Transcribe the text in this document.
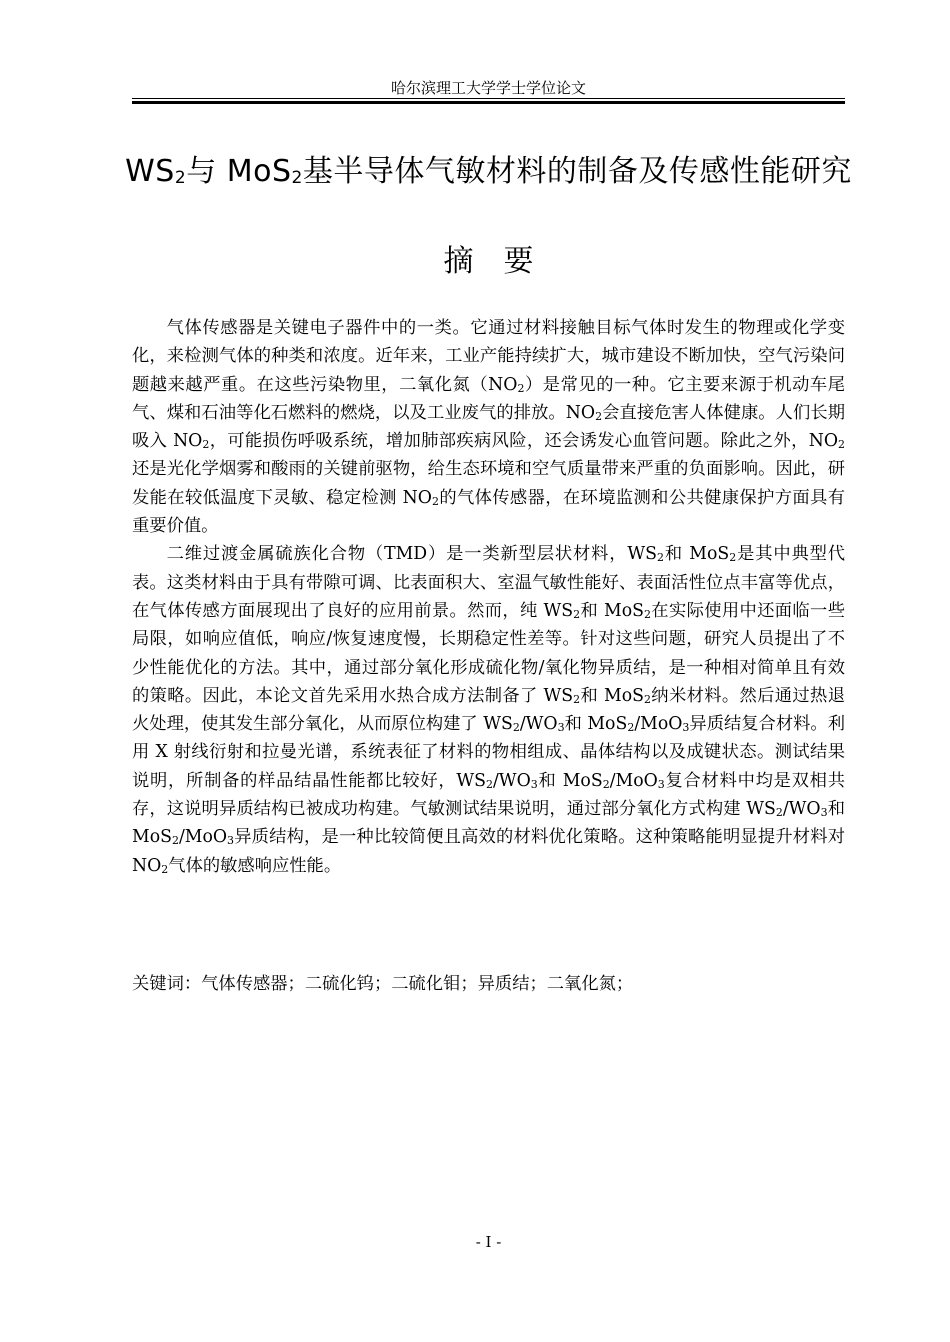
哈尔滨理工大学学士学位论文
$WS_2$与 MoS$_2$基半导体气敏材料的制备及传感性能研究
摘　要

气体传感器是关键电子器件中的一类。它通过材料接触目标气体时发生的物理或化学变化，来检测气体的种类和浓度。近年来，工业产能持续扩大，城市建设不断加快，空气污染问题越来越严重。在这些污染物里，二氧化氮$(NO_2)$是常见的一种。它主要来源于机动车尾气、煤和石油等化石燃料的燃烧，以及工业废气的排放。$NO_2$会直接危害人体健康。人们长期吸入 $NO_2$，可能损伤呼吸系统，增加肺部疾病风险，还会诱发心血管问题。除此之外，$NO_2$还是光化学烟雾和酸雨的关键前驱物，给生态环境和空气质量带来严重的负面影响。因此，研发能在较低温度下灵敏、稳定检测 $NO_2$的气体传感器，在环境监测和公共健康保护方面具有重要价值。

二维过渡金属硫族化合物（TMD）是一类新型层状材料，$WS_2$和 MoS$_2$是其中典型代表。这类材料由于具有带隙可调、比表面积大、室温气敏性能好、表面活性位点丰富等优点，在气体传感方面展现出了良好的应用前景。然而，纯 $WS_2$和 MoS$_2$在实际使用中还面临一些局限，如响应值低，响应/恢复速度慢，长期稳定性差等。针对这些问题，研究人员提出了不少性能优化的方法。其中，通过部分氧化形成硫化物/氧化物异质结，是一种相对简单且有效的策略。因此，本论文首先采用水热合成方法制备了 $WS_2$和 MoS$_2$纳米材料。然后通过热退火处理，使其发生部分氧化，从而原位构建了 $WS_2/WO_3$和 MoS$_2$/MoO$_3$异质结复合材料。利用 X 射线衍射和拉曼光谱，系统表征了材料的物相组成、晶体结构以及成键状态。测试结果说明，所制备的样品结晶性能都比较好，$WS_2/WO_3$和 MoS$_2$/MoO$_3$复合材料中均是双相共存，这说明异质结构已被成功构建。气敏测试结果说明，通过部分氧化方式构建 $WS_2/WO_3$和 MoS$_2$/MoO$_3$异质结构，是一种比较简便且高效的材料优化策略。这种策略能明显提升材料对 $NO_2$气体的敏感响应性能。

关键词：气体传感器；二硫化钨；二硫化钼；异质结；二氧化氮；
- I -
